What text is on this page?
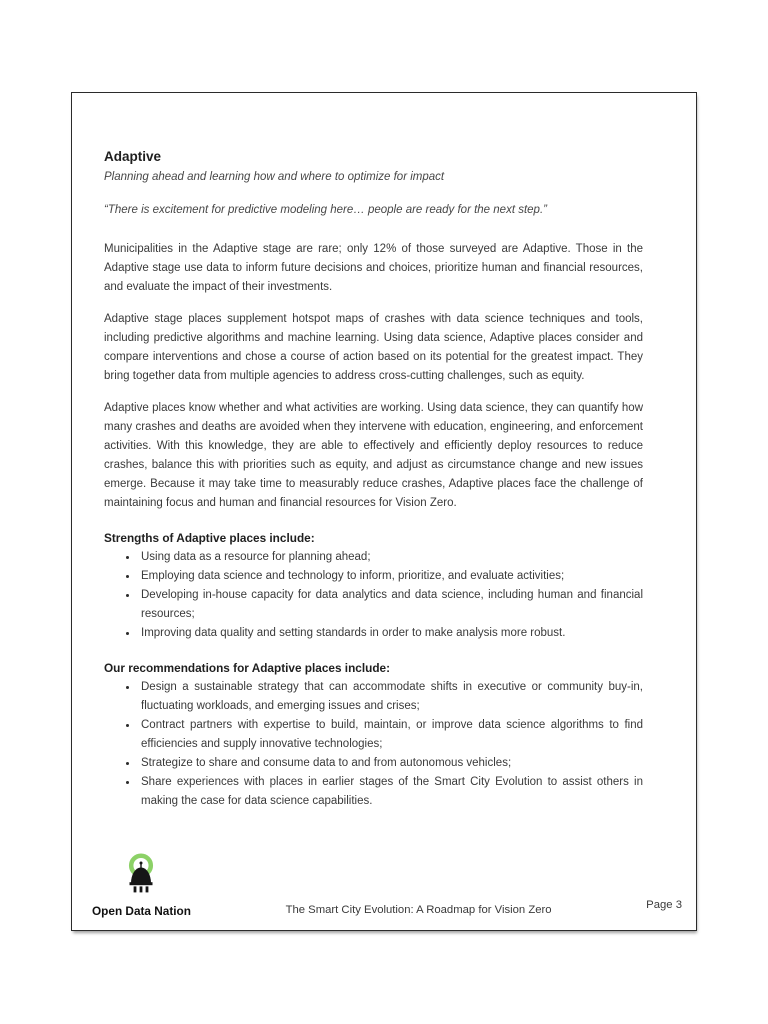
Adaptive

Planning ahead and learning how and where to optimize for impact

“There is excitement for predictive modeling here… people are ready for the next step.”

Municipalities in the Adaptive stage are rare; only 12% of those surveyed are Adaptive. Those in the Adaptive stage use data to inform future decisions and choices, prioritize human and financial resources, and evaluate the impact of their investments.

Adaptive stage places supplement hotspot maps of crashes with data science techniques and tools, including predictive algorithms and machine learning. Using data science, Adaptive places consider and compare interventions and chose a course of action based on its potential for the greatest impact. They bring together data from multiple agencies to address cross-cutting challenges, such as equity.

Adaptive places know whether and what activities are working. Using data science, they can quantify how many crashes and deaths are avoided when they intervene with education, engineering, and enforcement activities. With this knowledge, they are able to effectively and efficiently deploy resources to reduce crashes, balance this with priorities such as equity, and adjust as circumstance change and new issues emerge. Because it may take time to measurably reduce crashes, Adaptive places face the challenge of maintaining focus and human and financial resources for Vision Zero.

Strengths of Adaptive places include:
• Using data as a resource for planning ahead;
• Employing data science and technology to inform, prioritize, and evaluate activities;
• Developing in-house capacity for data analytics and data science, including human and financial resources;
• Improving data quality and setting standards in order to make analysis more robust.
Our recommendations for Adaptive places include:
• Design a sustainable strategy that can accommodate shifts in executive or community buy-in, fluctuating workloads, and emerging issues and crises;
• Contract partners with expertise to build, maintain, or improve data science algorithms to find efficiencies and supply innovative technologies;
• Strategize to share and consume data to and from autonomous vehicles;
• Share experiences with places in earlier stages of the Smart City Evolution to assist others in making the case for data science capabilities.
Open Data Nation	The Smart City Evolution: A Roadmap for Vision Zero	Page 3
